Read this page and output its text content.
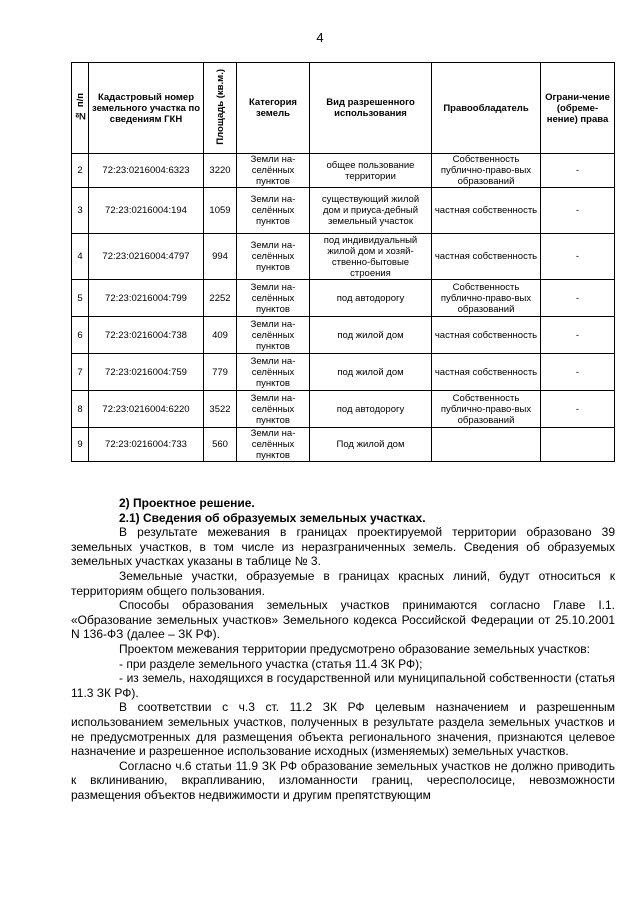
4
№ п/п	Кадастровый номер земельного участка по сведениям ГКН	Площадь (кв.м.)	Категория земель	Вид разрешенного использования	Правообладатель	Ограни-чение (обреме-нение) права
2	72:23:0216004:6323	3220	Земли на-селённых пунктов	общее пользование территории	Собственность публично-право-вых образований	-
3	72:23:0216004:194	1059	Земли на-селённых пунктов	существующий жилой дом и приуса-дебный земельный участок	частная собственность	-
4	72:23:0216004:4797	994	Земли на-селённых пунктов	под индивидуальный жилой дом и хозяй-ственно-бытовые строения	частная собственность	-
5	72:23:0216004:799	2252	Земли на-селённых пунктов	под автодорогу	Собственность публично-право-вых образований	-
6	72:23:0216004:738	409	Земли на-селённых пунктов	под жилой дом	частная собственность	-
7	72:23:0216004:759	779	Земли на-селённых пунктов	под жилой дом	частная собственность	-
8	72:23:0216004:6220	3522	Земли на-селённых пунктов	под автодорогу	Собственность публично-право-вых образований	-
9	72:23:0216004:733	560	Земли на-селённых пунктов	Под жилой дом		

2) Проектное решение.

2.1) Сведения об образуемых земельных участках.

В результате межевания в границах проектируемой территории образовано 39 земельных участков, в том числе из неразграниченных земель. Сведения об образуемых земельных участках указаны в таблице № 3.

Земельные участки, образуемые в границах красных линий, будут относиться к территориям общего пользования.

Способы образования земельных участков принимаются согласно Главе I.1. «Образование земельных участков» Земельного кодекса Российской Федерации от 25.10.2001 N 136-ФЗ (далее – ЗК РФ).

Проектом межевания территории предусмотрено образование земельных участков:

- при разделе земельного участка (статья 11.4 ЗК РФ);

- из земель, находящихся в государственной или муниципальной собственности (статья 11.3 ЗК РФ).

В соответствии с ч.3 ст. 11.2 ЗК РФ целевым назначением и разрешенным использованием земельных участков, полученных в результате раздела земельных участков и не предусмотренных для размещения объекта регионального значения, признаются целевое назначение и разрешенное использование исходных (изменяемых) земельных участков.

Согласно ч.6 статьи 11.9 ЗК РФ образование земельных участков не должно приводить к вклиниванию, вкрапливанию, изломанности границ, чересполосице, невозможности размещения объектов недвижимости и другим препятствующим
